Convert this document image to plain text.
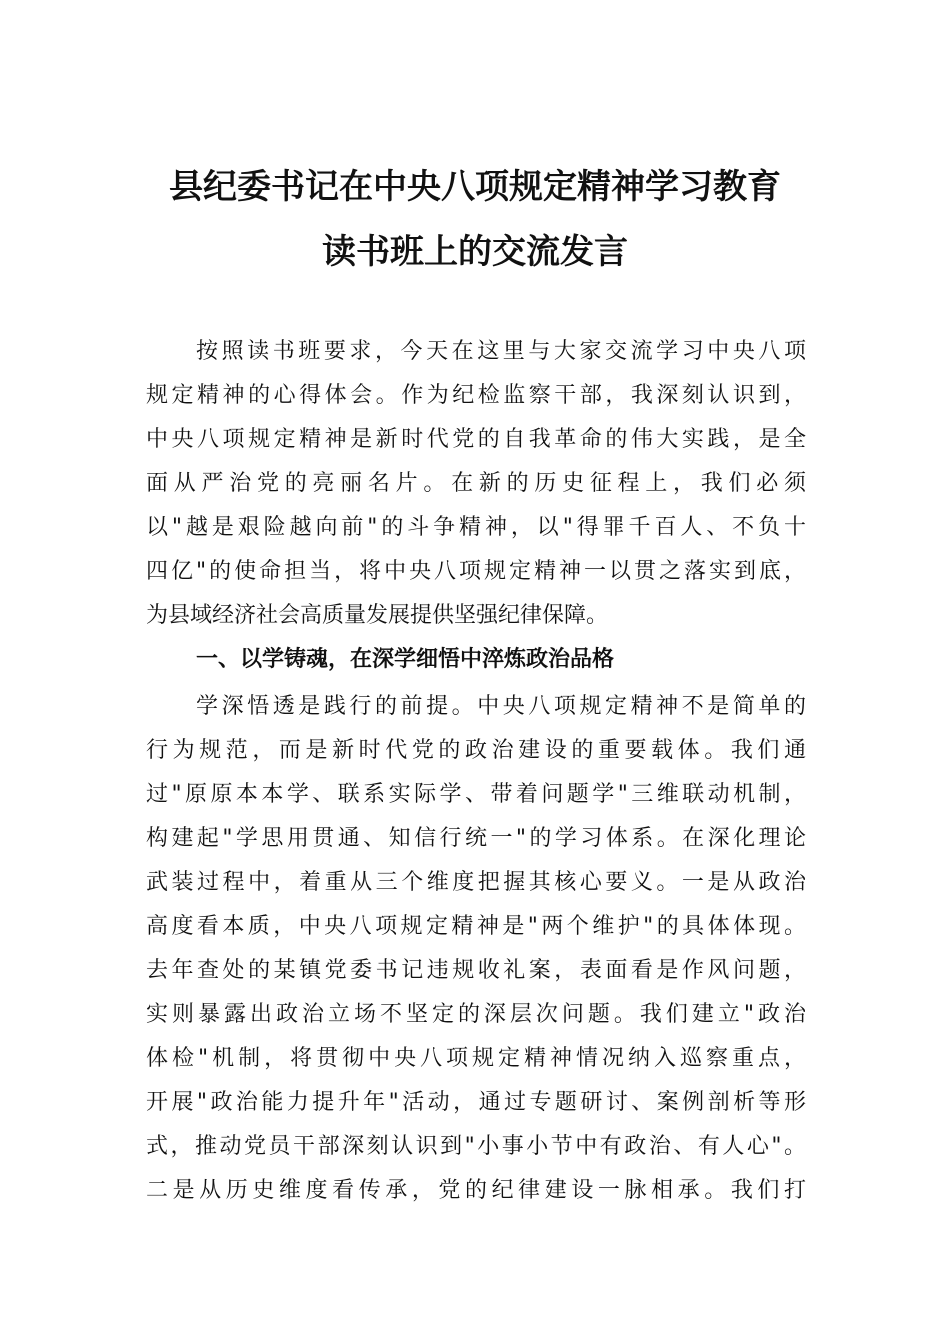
县纪委书记在中央八项规定精神学习教育
读书班上的交流发言
按照读书班要求，今天在这里与大家交流学习中央八项
规定精神的心得体会。作为纪检监察干部，我深刻认识到，
中央八项规定精神是新时代党的自我革命的伟大实践，是全
面从严治党的亮丽名片。在新的历史征程上，我们必须
以"越是艰险越向前"的斗争精神，以"得罪千百人、不负十
四亿"的使命担当，将中央八项规定精神一以贯之落实到底，
为县域经济社会高质量发展提供坚强纪律保障。
一、以学铸魂，在深学细悟中淬炼政治品格
学深悟透是践行的前提。中央八项规定精神不是简单的
行为规范，而是新时代党的政治建设的重要载体。我们通
过"原原本本学、联系实际学、带着问题学"三维联动机制，
构建起"学思用贯通、知信行统一"的学习体系。在深化理论
武装过程中，着重从三个维度把握其核心要义。一是从政治
高度看本质，中央八项规定精神是"两个维护"的具体体现。
去年查处的某镇党委书记违规收礼案，表面看是作风问题，
实则暴露出政治立场不坚定的深层次问题。我们建立"政治
体检"机制，将贯彻中央八项规定精神情况纳入巡察重点，
开展"政治能力提升年"活动，通过专题研讨、案例剖析等形
式，推动党员干部深刻认识到"小事小节中有政治、有人心"。
二是从历史维度看传承，党的纪律建设一脉相承。我们打
